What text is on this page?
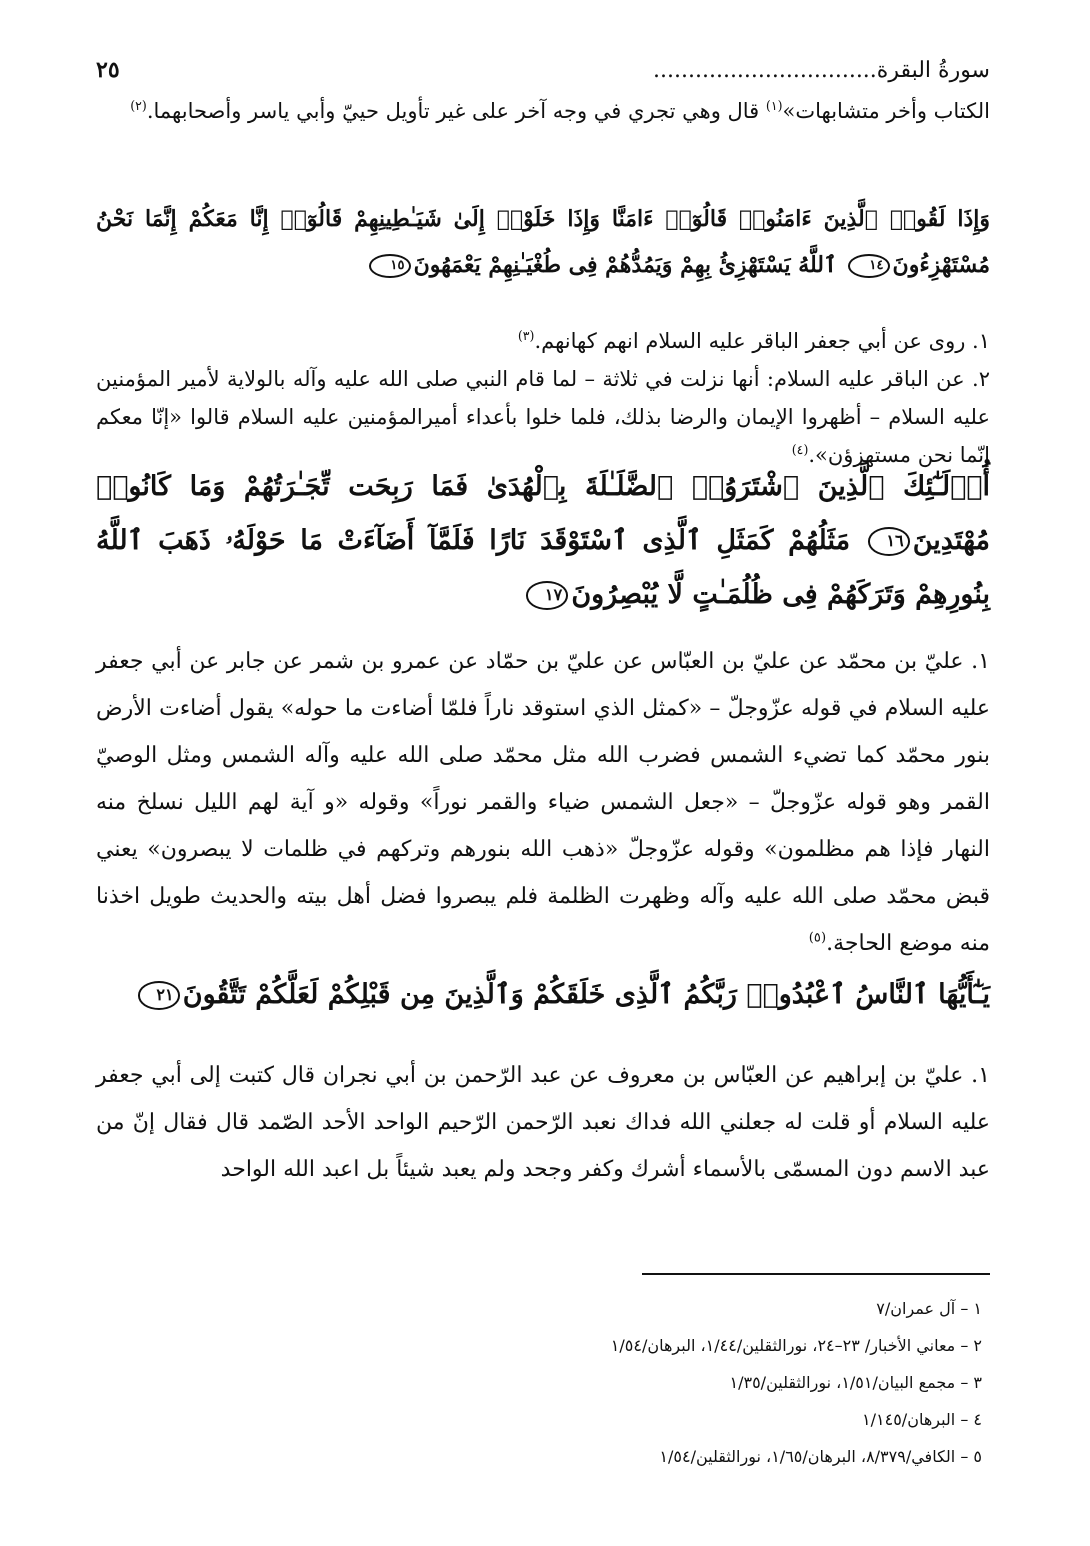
سورةُ البقرة................................
٢٥
الكتاب وأخر متشابهات»$^{(١)}$ قال وهي تجري في وجه آخر على غير تأويل حييّ وأبي ياسر وأصحابهما.$^{(٢)}$
وَإِذَا لَقُوا۟ ٱلَّذِينَ ءَامَنُوا۟ قَالُوٓا۟ ءَامَنَّا وَإِذَا خَلَوْا۟ إِلَىٰ شَيَـٰطِينِهِمْ قَالُوٓا۟ إِنَّا مَعَكُمْ إِنَّمَا نَحْنُ مُسْتَهْزِءُونَ١٤ ٱللَّهُ يَسْتَهْزِئُ بِهِمْ وَيَمُدُّهُمْ فِى طُغْيَـٰنِهِمْ يَعْمَهُونَ١٥
١. روى عن أبي جعفر الباقر عليه السلام انهم كهانهم.$^{(٣)}$
٢. عن الباقر عليه السلام: أنها نزلت في ثلاثة – لما قام النبي صلى الله عليه وآله بالولاية لأمير المؤمنين عليه السلام – أظهروا الإيمان والرضا بذلك، فلما خلوا بأعداء أميرالمؤمنين عليه السلام قالوا «إنّا معكم إنّما نحن مستهزؤن».$^{(٤)}$
أُو۟لَـٰٓئِكَ ٱلَّذِينَ ٱشْتَرَوُا۟ ٱلضَّلَـٰلَةَ بِٱلْهُدَىٰ فَمَا رَبِحَت تِّجَـٰرَتُهُمْ وَمَا كَانُوا۟ مُهْتَدِينَ١٦ مَثَلُهُمْ كَمَثَلِ ٱلَّذِى ٱسْتَوْقَدَ نَارًا فَلَمَّآ أَضَآءَتْ مَا حَوْلَهُۥ ذَهَبَ ٱللَّهُ بِنُورِهِمْ وَتَرَكَهُمْ فِى ظُلُمَـٰتٍ لَّا يُبْصِرُونَ١٧
١. عليّ بن محمّد عن عليّ بن العبّاس عن عليّ بن حمّاد عن عمرو بن شمر عن جابر عن أبي جعفر عليه السلام في قوله عزّوجلّ – «كمثل الذي استوقد ناراً فلمّا أضاءت ما حوله» يقول أضاءت الأرض بنور محمّد كما تضيء الشمس فضرب الله مثل محمّد صلى الله عليه وآله الشمس ومثل الوصيّ القمر وهو قوله عزّوجلّ – «جعل الشمس ضياء والقمر نوراً» وقوله «و آية لهم الليل نسلخ منه النهار فإذا هم مظلمون» وقوله عزّوجلّ «ذهب الله بنورهم وتركهم في ظلمات لا يبصرون» يعني قبض محمّد صلى الله عليه وآله وظهرت الظلمة فلم يبصروا فضل أهل بيته والحديث طويل اخذنا منه موضع الحاجة.$^{(٥)}$
يَـٰٓأَيُّهَا ٱلنَّاسُ ٱعْبُدُوا۟ رَبَّكُمُ ٱلَّذِى خَلَقَكُمْ وَٱلَّذِينَ مِن قَبْلِكُمْ لَعَلَّكُمْ تَتَّقُونَ٢١
١. عليّ بن إبراهيم عن العبّاس بن معروف عن عبد الرّحمن بن أبي نجران قال كتبت إلى أبي جعفر عليه السلام أو قلت له جعلني الله فداك نعبد الرّحمن الرّحيم الواحد الأحد الصّمد قال فقال إنّ من عبد الاسم دون المسمّى بالأسماء أشرك وكفر وجحد ولم يعبد شيئاً بل اعبد الله الواحد
١ – آل عمران/٧
٢ – معاني الأخبار/ ٢٣–٢٤، نورالثقلين/١/٤٤، البرهان/١/٥٤
٣ – مجمع البيان/١/٥١، نورالثقلين/١/٣٥
٤ – البرهان/١/١٤٥
٥ – الكافي/٨/٣٧٩، البرهان/١/٦٥، نورالثقلين/١/٥٤
